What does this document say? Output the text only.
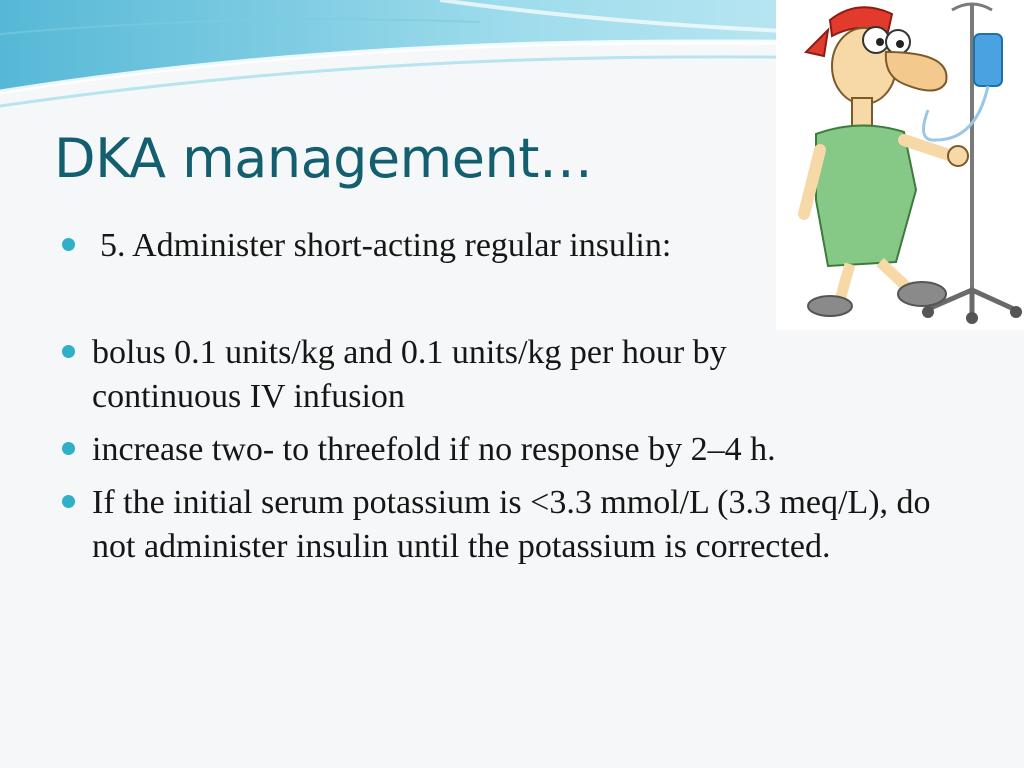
DKA management…
5. Administer short-acting regular insulin:
bolus 0.1 units/kg and 0.1 units/kg per hour by continuous IV infusion
increase two- to threefold if no response by 2–4 h.
If the initial serum potassium is <3.3 mmol/L (3.3 meq/L), do not administer insulin until the potassium is corrected.
